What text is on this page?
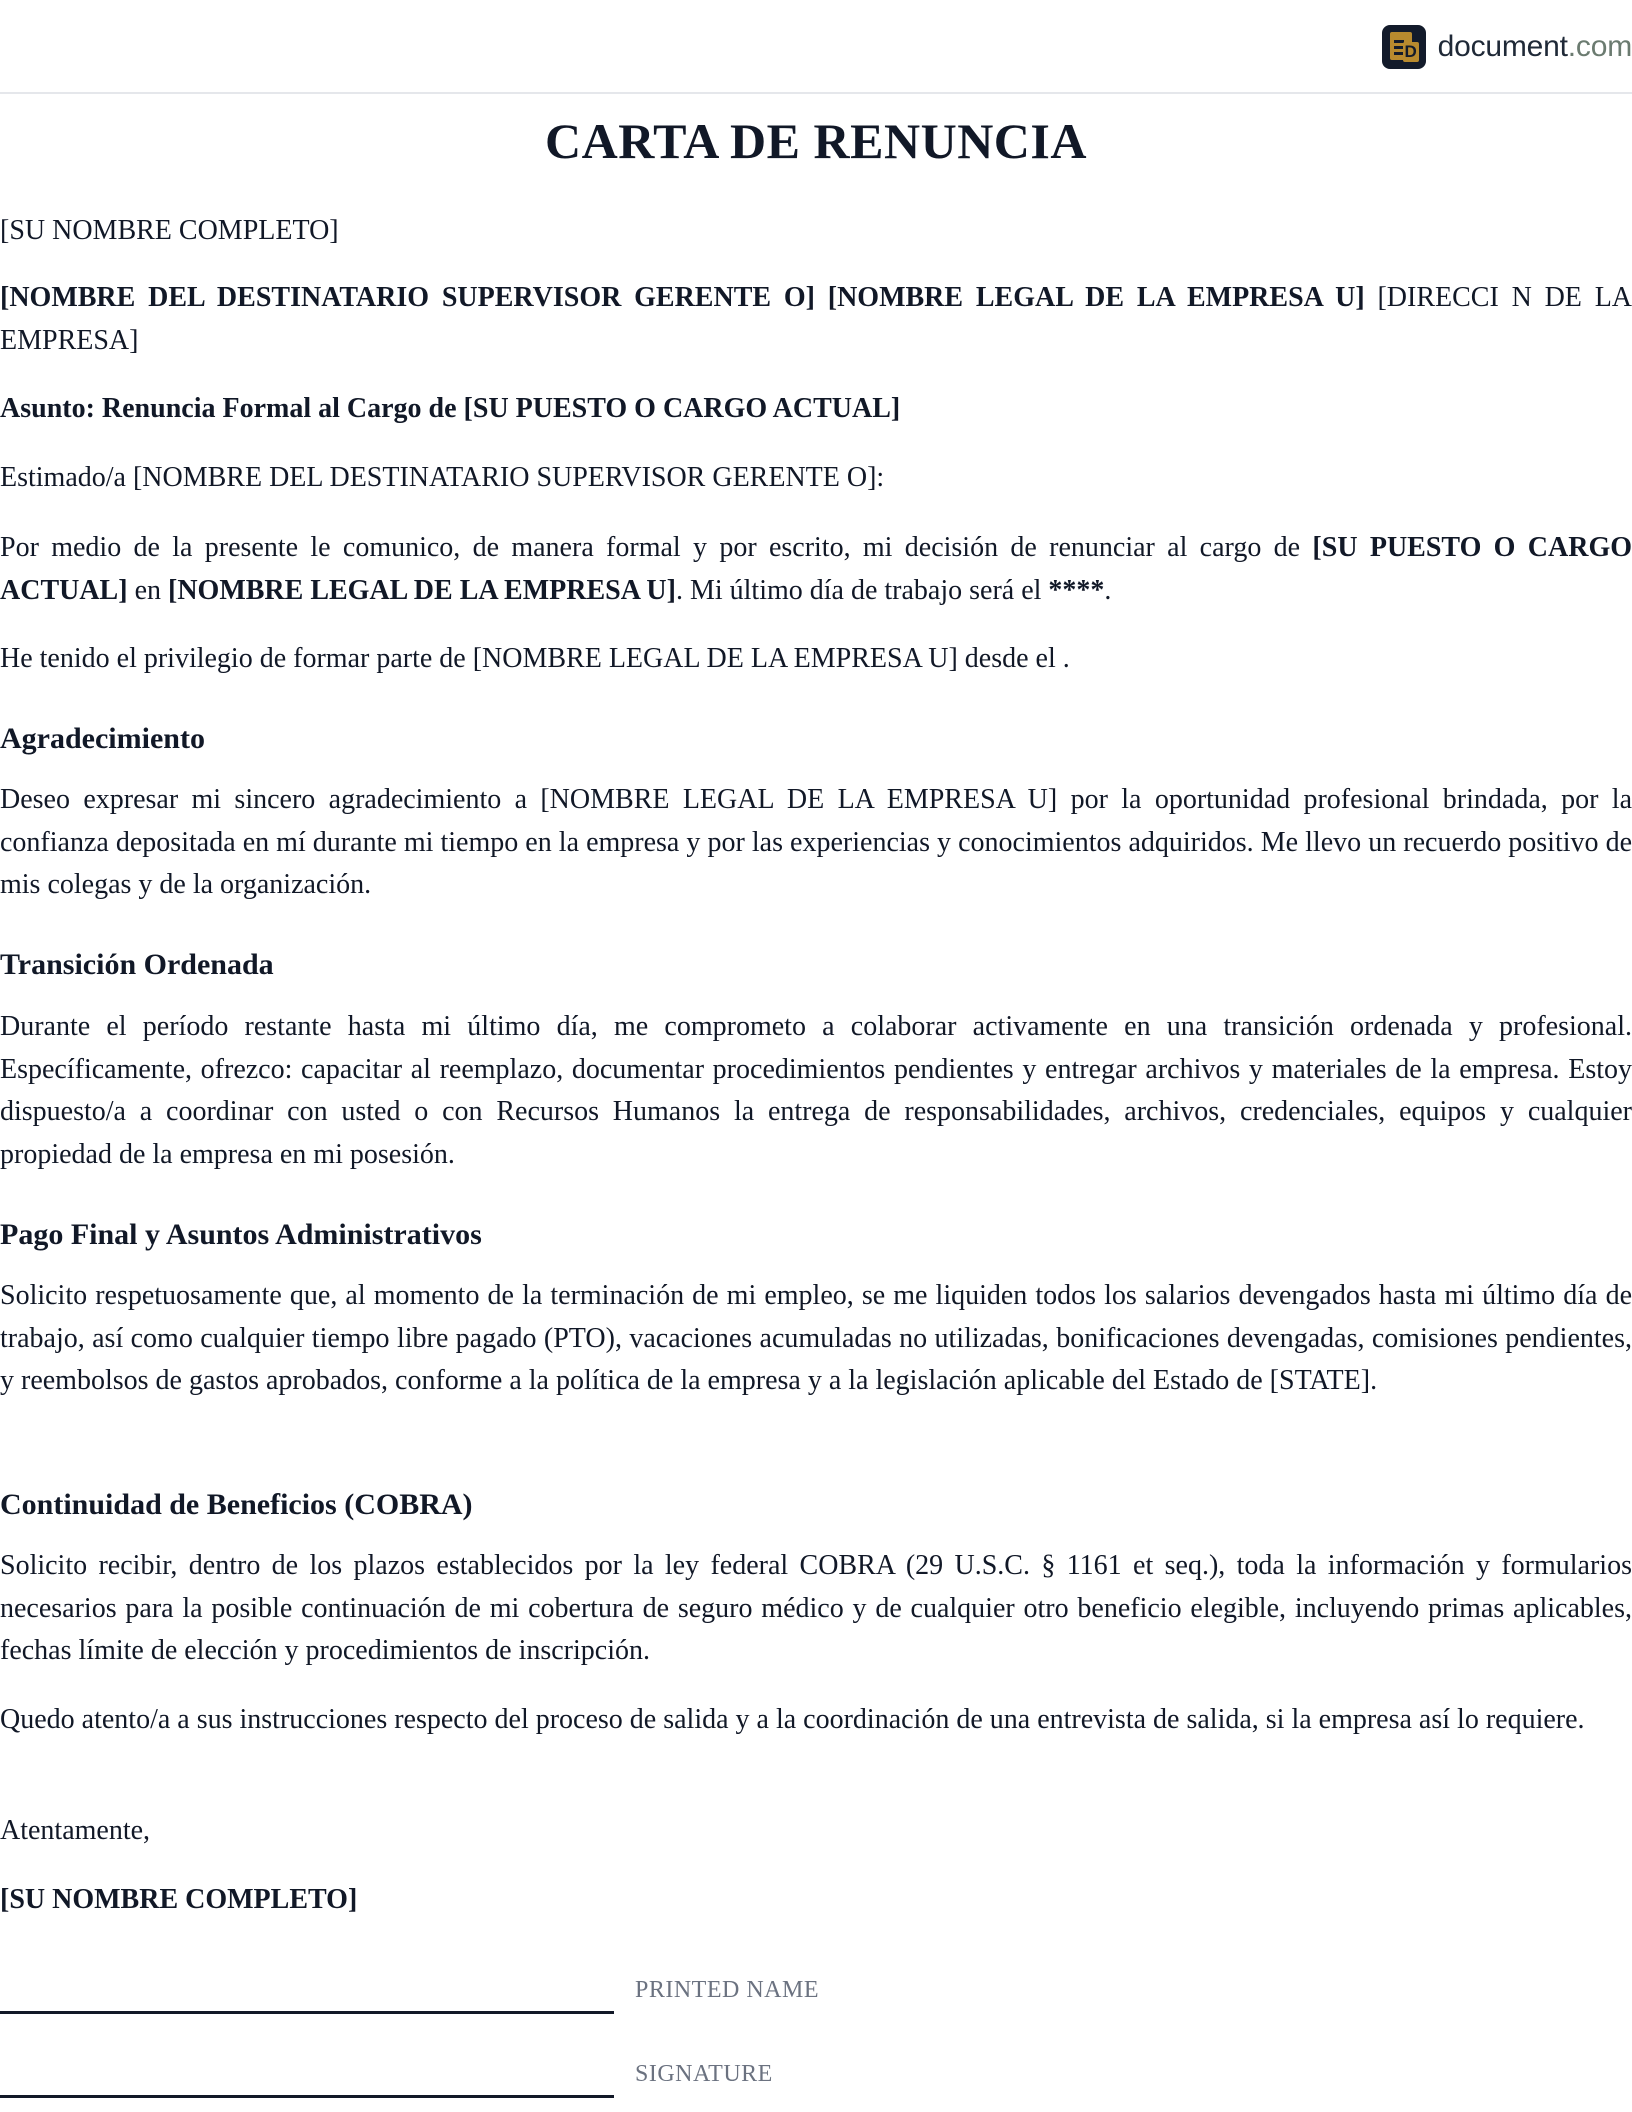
D document.com
CARTA DE RENUNCIA

[SU NOMBRE COMPLETO]

[NOMBRE DEL DESTINATARIO SUPERVISOR GERENTE O] [NOMBRE LEGAL DE LA EMPRESA U] [DIRECCI N DE LA EMPRESA]

Asunto: Renuncia Formal al Cargo de [SU PUESTO O CARGO ACTUAL]

Estimado/a [NOMBRE DEL DESTINATARIO SUPERVISOR GERENTE O]:

Por medio de la presente le comunico, de manera formal y por escrito, mi decisión de renunciar al cargo de [SU PUESTO O CARGO ACTUAL] en [NOMBRE LEGAL DE LA EMPRESA U]. Mi último día de trabajo será el ****.

He tenido el privilegio de formar parte de [NOMBRE LEGAL DE LA EMPRESA U] desde el .

Agradecimiento

Deseo expresar mi sincero agradecimiento a [NOMBRE LEGAL DE LA EMPRESA U] por la oportunidad profesional brindada, por la confianza depositada en mí durante mi tiempo en la empresa y por las experiencias y conocimientos adquiridos. Me llevo un recuerdo positivo de mis colegas y de la organización.

Transición Ordenada

Durante el período restante hasta mi último día, me comprometo a colaborar activamente en una transición ordenada y profesional. Específicamente, ofrezco: capacitar al reemplazo, documentar procedimientos pendientes y entregar archivos y materiales de la empresa. Estoy dispuesto/a a coordinar con usted o con Recursos Humanos la entrega de responsabilidades, archivos, credenciales, equipos y cualquier propiedad de la empresa en mi posesión.

Pago Final y Asuntos Administrativos

Solicito respetuosamente que, al momento de la terminación de mi empleo, se me liquiden todos los salarios devengados hasta mi último día de trabajo, así como cualquier tiempo libre pagado (PTO), vacaciones acumuladas no utilizadas, bonificaciones devengadas, comisiones pendientes, y reembolsos de gastos aprobados, conforme a la política de la empresa y a la legislación aplicable del Estado de [STATE].

Continuidad de Beneficios (COBRA)

Solicito recibir, dentro de los plazos establecidos por la ley federal COBRA (29 U.S.C. § 1161 et seq.), toda la información y formularios necesarios para la posible continuación de mi cobertura de seguro médico y de cualquier otro beneficio elegible, incluyendo primas aplicables, fechas límite de elección y procedimientos de inscripción.

Quedo atento/a a sus instrucciones respecto del proceso de salida y a la coordinación de una entrevista de salida, si la empresa así lo requiere.

Atentamente,

[SU NOMBRE COMPLETO]

PRINTED NAME
SIGNATURE
